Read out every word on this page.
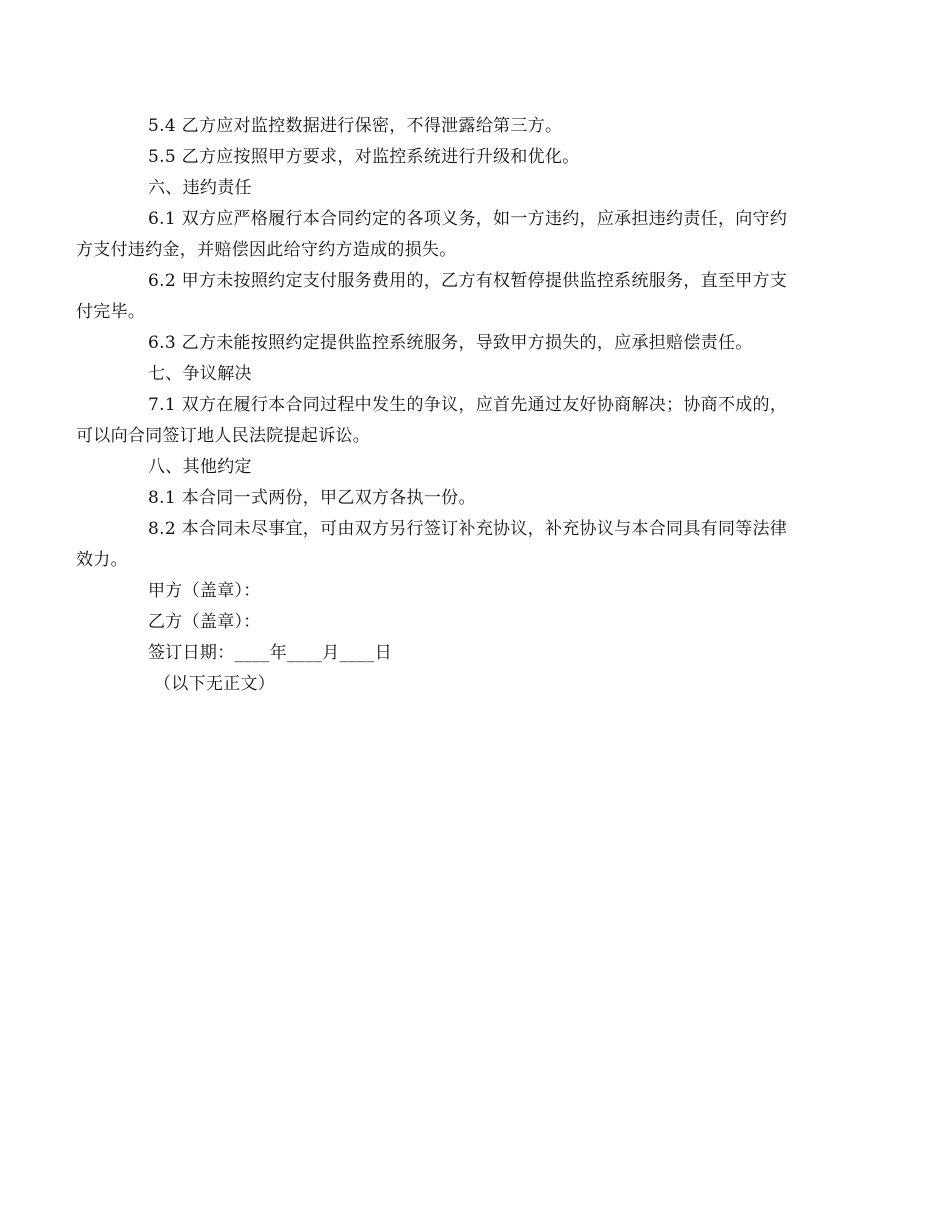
5.4 乙方应对监控数据进行保密，不得泄露给第三方。

5.5 乙方应按照甲方要求，对监控系统进行升级和优化。

六、违约责任

6.1 双方应严格履行本合同约定的各项义务，如一方违约，应承担违约责任，向守约
方支付违约金，并赔偿因此给守约方造成的损失。

6.2 甲方未按照约定支付服务费用的，乙方有权暂停提供监控系统服务，直至甲方支
付完毕。

6.3 乙方未能按照约定提供监控系统服务，导致甲方损失的，应承担赔偿责任。

七、争议解决

7.1 双方在履行本合同过程中发生的争议，应首先通过友好协商解决；协商不成的，
可以向合同签订地人民法院提起诉讼。

八、其他约定

8.1 本合同一式两份，甲乙双方各执一份。

8.2 本合同未尽事宜，可由双方另行签订补充协议，补充协议与本合同具有同等法律
效力。

甲方（盖章）：

乙方（盖章）：

签订日期：____年____月____日

（以下无正文）
